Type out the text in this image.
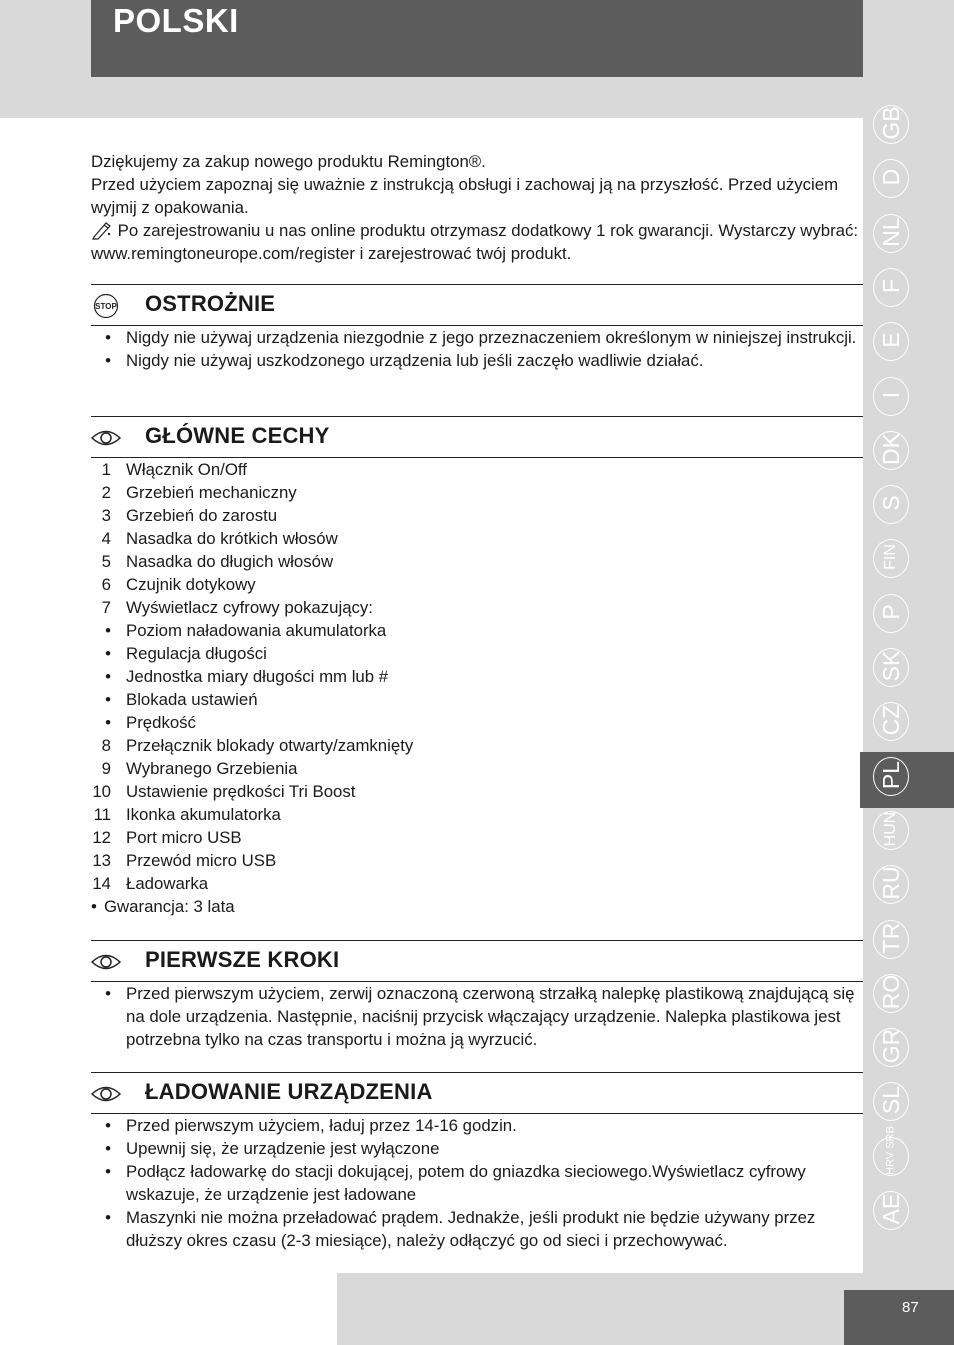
POLSKI

Dziękujemy za zakup nowego produktu Remington®.

Przed użyciem zapoznaj się uważnie z instrukcją obsługi i zachowaj ją na przyszłość. Przed użyciem wyjmij z opakowania.

Po zarejestrowaniu u nas online produktu otrzymasz dodatkowy 1 rok gwarancji. Wystarczy wybrać: www.remingtoneurope.com/register i zarejestrować twój produkt.

STOP OSTROŻNIE
• Nigdy nie używaj urządzenia niezgodnie z jego przeznaczeniem określonym w niniejszej instrukcji.
• Nigdy nie używaj uszkodzonego urządzenia lub jeśli zaczęło wadliwie działać.
GŁÓWNE CECHY
1 Włącznik On/Off
2 Grzebień mechaniczny
3 Grzebień do zarostu
4 Nasadka do krótkich włosów
5 Nasadka do długich włosów
6 Czujnik dotykowy
7 Wyświetlacz cyfrowy pokazujący:
• Poziom naładowania akumulatorka
• Regulacja długości
• Jednostka miary długości mm lub #
• Blokada ustawień
• Prędkość
8 Przełącznik blokady otwarty/zamknięty
9 Wybranego Grzebienia
10 Ustawienie prędkości Tri Boost
11 Ikonka akumulatorka
12 Port micro USB
13 Przewód micro USB
14 Ładowarka
• Gwarancja: 3 lata
PIERWSZE KROKI
• Przed pierwszym użyciem, zerwij oznaczoną czerwoną strzałką nalepkę plastikową znajdującą się na dole urządzenia. Następnie, naciśnij przycisk włączający urządzenie. Nalepka plastikowa jest potrzebna tylko na czas transportu i można ją wyrzucić.
ŁADOWANIE URZĄDZENIA
• Przed pierwszym użyciem, ładuj przez 14-16 godzin.
• Upewnij się, że urządzenie jest wyłączone
• Podłącz ładowarkę do stacji dokującej, potem do gniazdka sieciowego.Wyświetlacz cyfrowy wskazuje, że urządzenie jest ładowane
• Maszynki nie można przeładować prądem. Jednakże, jeśli produkt nie będzie używany przez dłuższy okres czasu (2-3 miesiące), należy odłączyć go od sieci i przechowywać.
GB
D
NL
F
E
I
DK
S
FIN
P
SK
CZ
PL
HUN
RU
TR
RO
GR
SL
HRV SRB
AE
87
